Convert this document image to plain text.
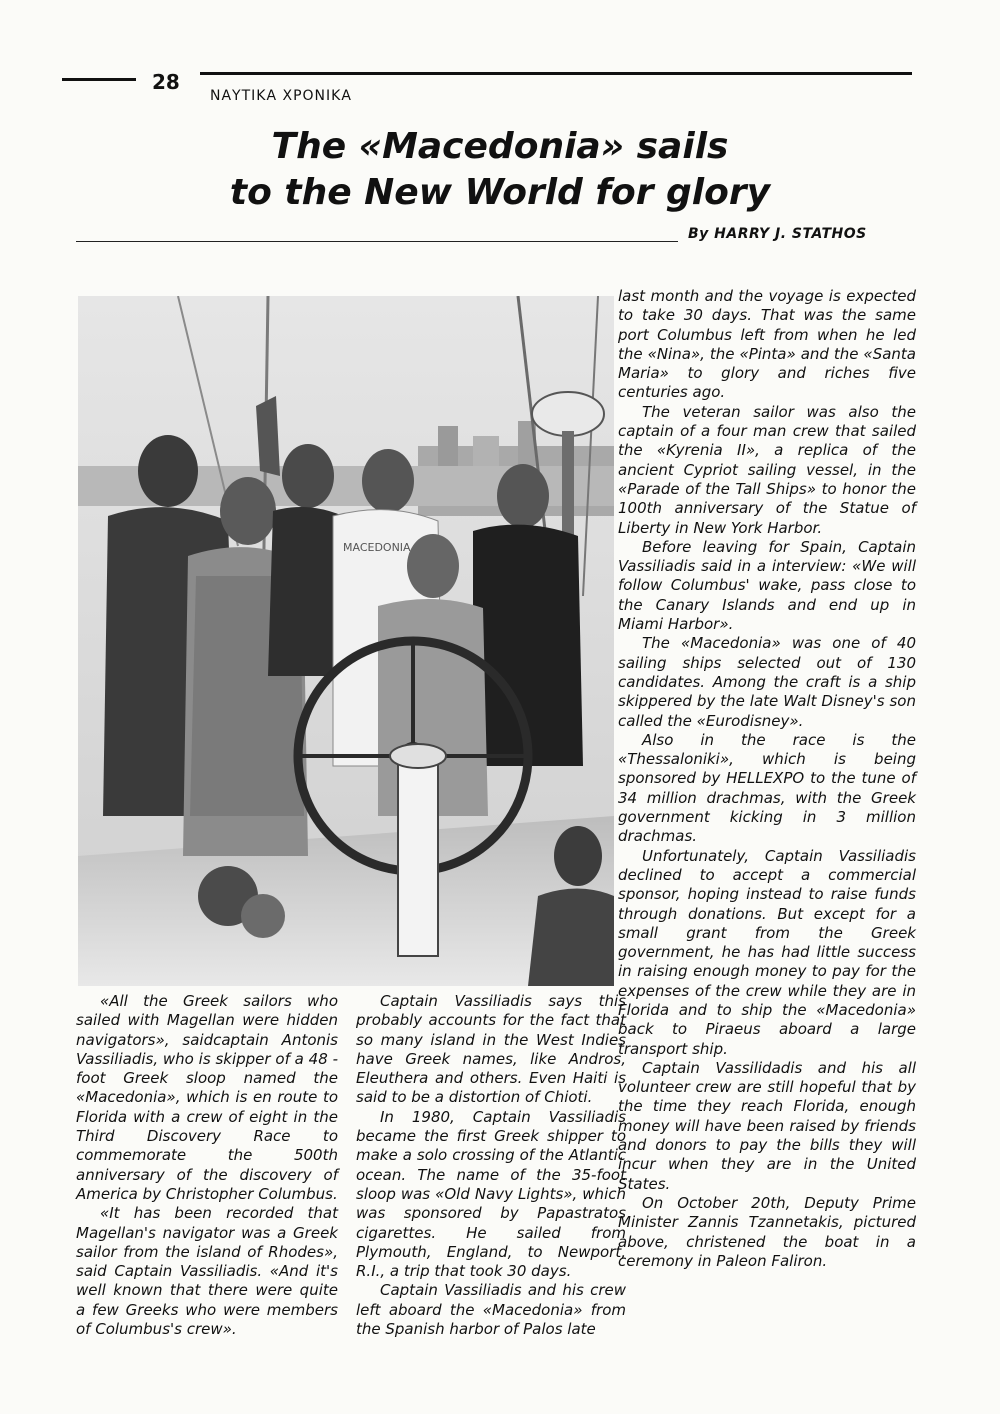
28
ΝΑΥΤΙΚΑ ΧΡΟΝΙΚΑ
The «Macedonia» sails
to the New World for glory
By HARRY J. STATHOS
MACEDONIA

«All the Greek sailors who sailed with Magellan were hidden navigators», saidcaptain Antonis Vassiliadis, who is skipper of a 48 - foot Greek sloop named the «Macedonia», which is en route to Florida with a crew of eight in the Third Discovery Race to commemorate the 500th anniversary of the discovery of America by Christopher Columbus.

«It has been recorded that Magellan's navigator was a Greek sailor from the island of Rhodes», said Captain Vassiliadis. «And it's well known that there were quite a few Greeks who were members of Columbus's crew».

Captain Vassiliadis says this probably accounts for the fact that so many island in the West Indies have Greek names, like Andros, Eleuthera and others. Even Haiti is said to be a distortion of Chioti.

In 1980, Captain Vassiliadis became the first Greek shipper to make a solo crossing of the Atlantic ocean. The name of the 35-foot sloop was «Old Navy Lights», which was sponsored by Papastratos cigarettes. He sailed from Plymouth, England, to Newport, R.I., a trip that took 30 days.

Captain Vassiliadis and his crew left aboard the «Macedonia» from the Spanish harbor of Palos late

last month and the voyage is expected to take 30 days. That was the same port Columbus left from when he led the «Nina», the «Pinta» and the «Santa Maria» to glory and riches five centuries ago.

The veteran sailor was also the captain of a four man crew that sailed the «Kyrenia II», a replica of the ancient Cypriot sailing vessel, in the «Parade of the Tall Ships» to honor the 100th anniversary of the Statue of Liberty in New York Harbor.

Before leaving for Spain, Captain Vassiliadis said in a interview: «We will follow Columbus' wake, pass close to the Canary Islands and end up in Miami Harbor».

The «Macedonia» was one of 40 sailing ships selected out of 130 candidates. Among the craft is a ship skippered by the late Walt Disney's son called the «Eurodisney».

Also in the race is the «Thessaloniki», which is being sponsored by HELLEXPO to the tune of 34 million drachmas, with the Greek government kicking in 3 million drachmas.

Unfortunately, Captain Vassiliadis declined to accept a commercial sponsor, hoping instead to raise funds through donations. But except for a small grant from the Greek government, he has had little success in raising enough money to pay for the expenses of the crew while they are in Florida and to ship the «Macedonia» back to Piraeus aboard a large transport ship.

Captain Vassilidadis and his all volunteer crew are still hopeful that by the time they reach Florida, enough money will have been raised by friends and donors to pay the bills they will incur when they are in the United States.

On October 20th, Deputy Prime Minister Zannis Tzannetakis, pictured above, christened the boat in a ceremony in Paleon Faliron.
